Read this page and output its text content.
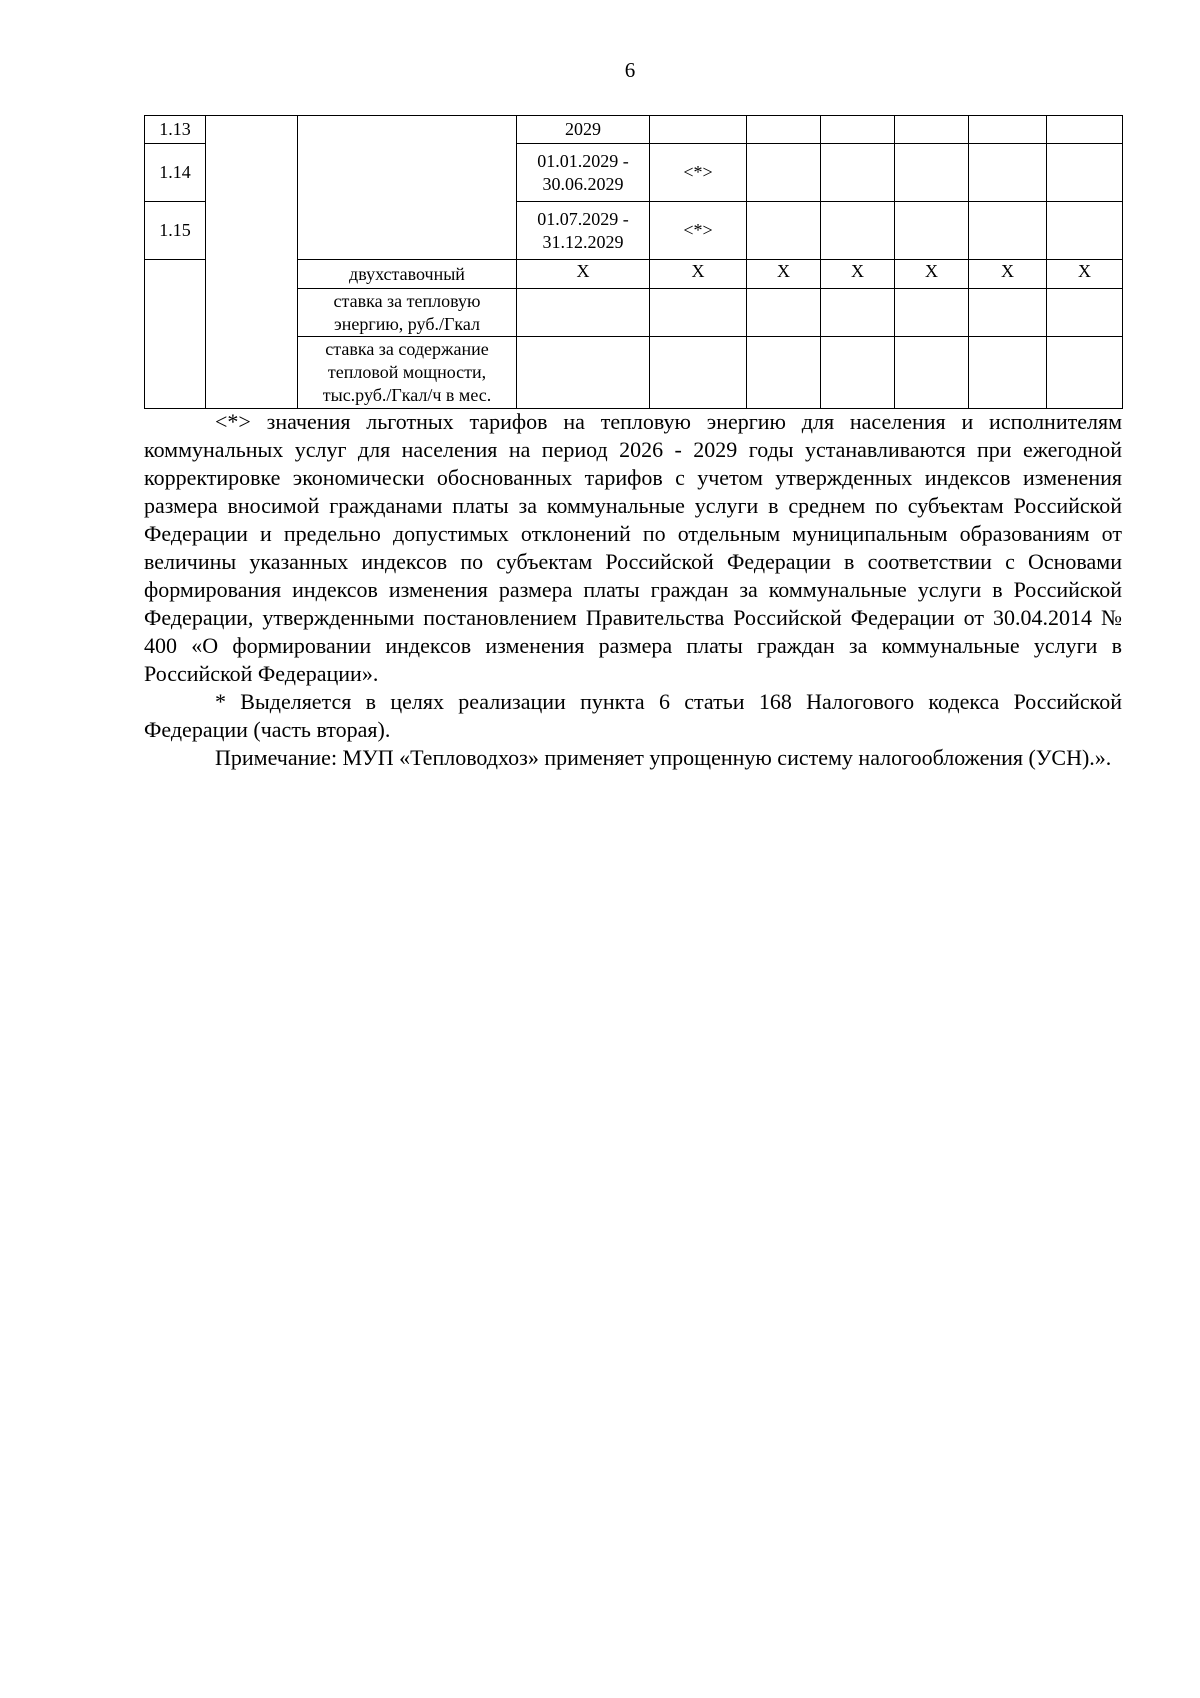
6
1.13			2029						
1.14			01.01.2029 - 30.06.2029	<*>					
1.15			01.07.2029 - 31.12.2029	<*>					
		двухставочный	X	X	X	X	X	X	X
		ставка за тепловую энергию, руб./Гкал							
		ставка за содержание тепловой мощности, тыс.руб./Гкал/ч в мес.							

<*> значения льготных тарифов на тепловую энергию для населения и исполнителям коммунальных услуг для населения на период 2026 - 2029 годы устанавливаются при ежегодной корректировке экономически обоснованных тарифов с учетом утвержденных индексов изменения размера вносимой гражданами платы за коммунальные услуги в среднем по субъектам Российской Федерации и предельно допустимых отклонений по отдельным муниципальным образованиям от величины указанных индексов по субъектам Российской Федерации в соответствии с Основами формирования индексов изменения размера платы граждан за коммунальные услуги в Российской Федерации, утвержденными постановлением Правительства Российской Федерации от 30.04.2014 № 400 «О формировании индексов изменения размера платы граждан за коммунальные услуги в Российской Федерации».

* Выделяется в целях реализации пункта 6 статьи 168 Налогового кодекса Российской Федерации (часть вторая).

Примечание: МУП «Тепловодхоз» применяет упрощенную систему налогообложения (УСН).».
